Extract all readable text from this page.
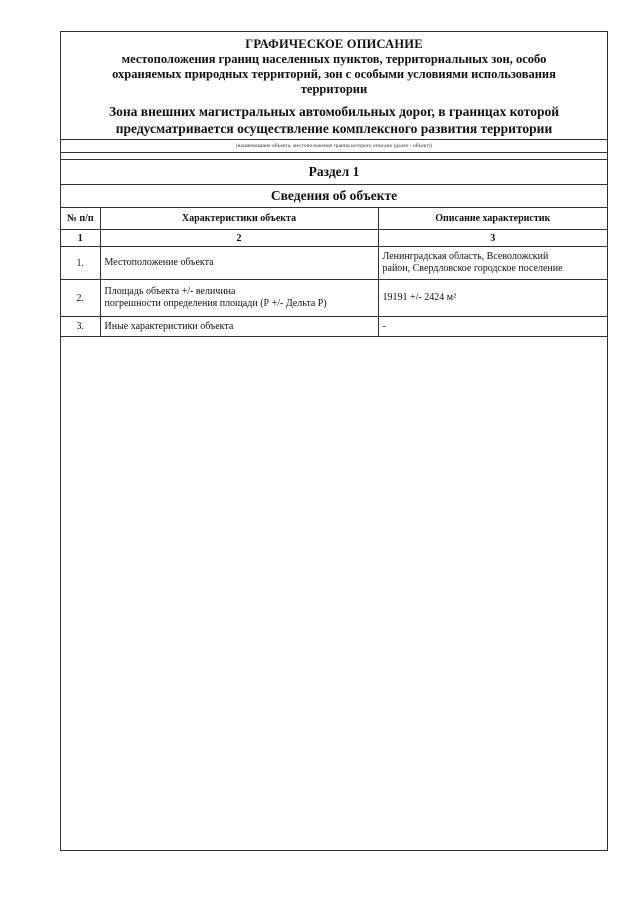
ГРАФИЧЕСКОЕ ОПИСАНИЕ
местоположения границ населенных пунктов, территориальных зон, особо
охраняемых природных территорий, зон с особыми условиями использования
территории
Зона внешних магистральных автомобильных дорог, в границах которой
предусматривается осуществление комплексного развития территории
(наименование объекта, местоположение границ которого описано (далее - объект))
Раздел 1
Сведения об объекте
№ п/п	Характеристики объекта	Описание характеристик
1	2	3
1.	Местоположение объекта	Ленинградская область, Всеволожский
район, Свердловское городское поселение

2.	Площадь объекта +/- величина
погрешности определения площади (Р +/- Дельта Р)	19191 +/- 2424 м²

3.	Иные характеристики объекта	-
